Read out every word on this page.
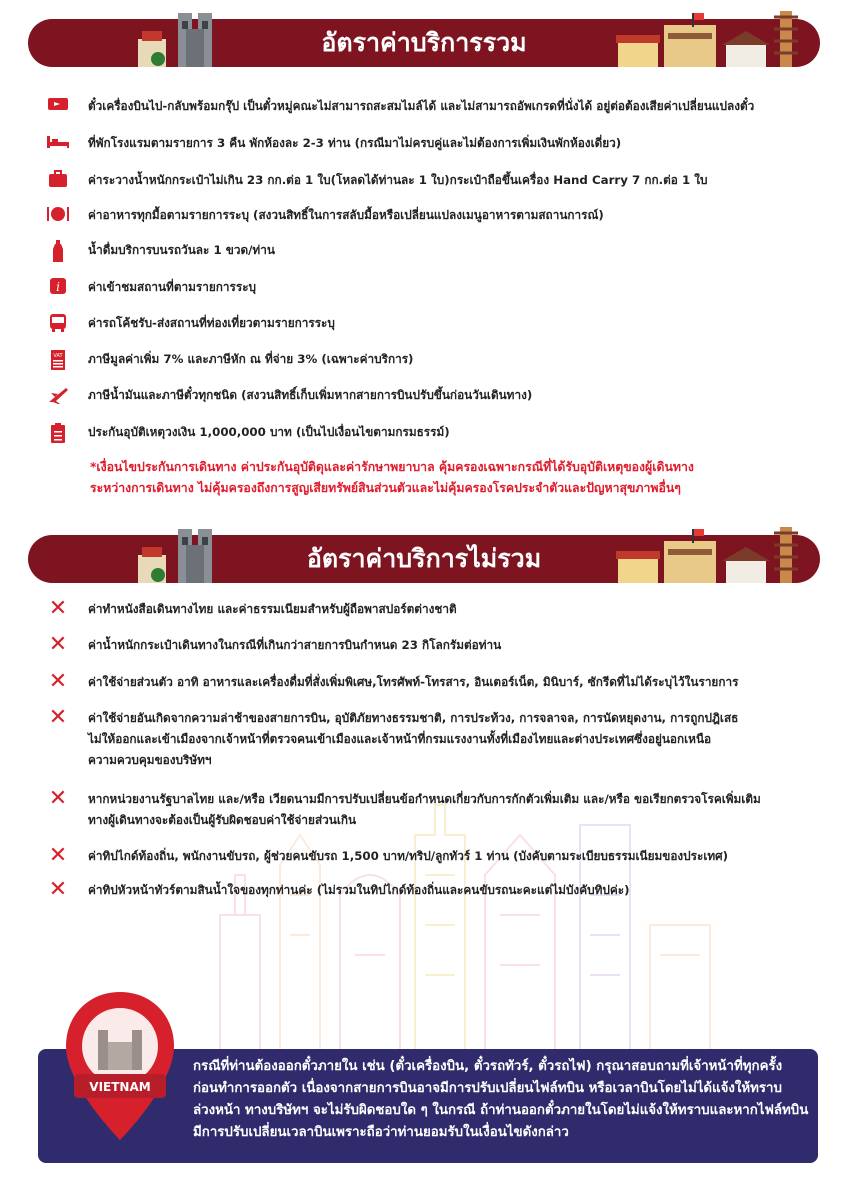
อัตราค่าบริการรวม
ตั๋วเครื่องบินไป-กลับพร้อมกรุ๊ป เป็นตั๋วหมู่คณะไม่สามารถสะสมไมล์ได้ และไม่สามารถอัพเกรดที่นั่งได้ อยู่ต่อต้องเสียค่าเปลี่ยนแปลงตั๋ว
ที่พักโรงแรมตามรายการ 3 คืน พักห้องละ 2-3 ท่าน (กรณีมาไม่ครบคู่และไม่ต้องการเพิ่มเงินพักห้องเดี่ยว)
ค่าระวางน้ำหนักกระเป๋าไม่เกิน 23 กก.ต่อ 1 ใบ(โหลดได้ท่านละ 1 ใบ)กระเป๋าถือขึ้นเครื่อง Hand Carry 7 กก.ต่อ 1 ใบ
ค่าอาหารทุกมื้อตามรายการระบุ (สงวนสิทธิ์ในการสลับมื้อหรือเปลี่ยนแปลงเมนูอาหารตามสถานการณ์)
น้ำดื่มบริการบนรถวันละ 1 ขวด/ท่าน
i ค่าเข้าชมสถานที่ตามรายการระบุ
ค่ารถโค้ชรับ-ส่งสถานที่ท่องเที่ยวตามรายการระบุ
VAT ภาษีมูลค่าเพิ่ม 7% และภาษีหัก ณ ที่จ่าย 3% (เฉพาะค่าบริการ)
ภาษีน้ำมันและภาษีตั๋วทุกชนิด (สงวนสิทธิ์เก็บเพิ่มหากสายการบินปรับขึ้นก่อนวันเดินทาง)
ประกันอุบัติเหตุวงเงิน 1,000,000 บาท (เป็นไปเงื่อนไขตามกรมธรรม์)
*เงื่อนไขประกันการเดินทาง ค่าประกันอุบัติดุและค่ารักษาพยาบาล คุ้มครองเฉพาะกรณีที่ได้รับอุบัติเหตุของผู้เดินทาง
ระหว่างการเดินทาง ไม่คุ้มครองถึงการสูญเสียทรัพย์สินส่วนตัวและไม่คุ้มครองโรคประจำตัวและปัญหาสุขภาพอื่นๆ
อัตราค่าบริการไม่รวม
✕ ค่าทำหนังสือเดินทางไทย และค่าธรรมเนียมสำหรับผู้ถือพาสปอร์ตต่างชาติ
✕ ค่าน้ำหนักกระเป๋าเดินทางในกรณีที่เกินกว่าสายการบินกำหนด 23 กิโลกรัมต่อท่าน
✕ ค่าใช้จ่ายส่วนตัว อาทิ อาหารและเครื่องดื่มที่สั่งเพิ่มพิเศษ,โทรศัพท์-โทรสาร, อินเตอร์เน็ต, มินิบาร์, ซักรีดที่ไม่ได้ระบุไว้ในรายการ
✕ ค่าใช้จ่ายอันเกิดจากความล่าช้าของสายการบิน, อุบัติภัยทางธรรมชาติ, การประท้วง, การจลาจล, การนัดหยุดงาน, การถูกปฎิเสธ
ไม่ให้ออกและเข้าเมืองจากเจ้าหน้าที่ตรวจคนเข้าเมืองและเจ้าหน้าที่กรมแรงงานทั้งที่เมืองไทยและต่างประเทศซึ่งอยู่นอกเหนือ
ความควบคุมของบริษัทฯ
✕ หากหน่วยงานรัฐบาลไทย และ/หรือ เวียดนามมีการปรับเปลี่ยนข้อกำหนดเกี่ยวกับการกักตัวเพิ่มเติม และ/หรือ ขอเรียกตรวจโรคเพิ่มเติม
ทางผู้เดินทางจะต้องเป็นผู้รับผิดชอบค่าใช้จ่ายส่วนเกิน
✕ ค่าทิปไกด์ท้องถิ่น, พนักงานขับรถ, ผู้ช่วยคนขับรถ 1,500 บาท/ทริป/ลูกทัวร์ 1 ท่าน (บังคับตามระเบียบธรรมเนียมของประเทศ)
✕ ค่าทิปหัวหน้าทัวร์ตามสินน้ำใจของทุกท่านค่ะ (ไม่รวมในทิปไกด์ท้องถิ่นและคนขับรถนะคะแต่ไม่บังคับทิปค่ะ)
VIETNAM
กรณีที่ท่านต้องออกตั๋วภายใน เช่น (ตั๋วเครื่องบิน, ตั๋วรถทัวร์, ตั๋วรถไฟ) กรุณาสอบถามที่เจ้าหน้าที่ทุกครั้ง
ก่อนทำการออกตัว เนื่องจากสายการบินอาจมีการปรับเปลี่ยนไฟล์ทบิน หรือเวลาบินโดยไม่ได้แจ้งให้ทราบ
ล่วงหน้า ทางบริษัทฯ จะไม่รับผิดชอบใด ๆ ในกรณี ถ้าท่านออกตั๋วภายในโดยไม่แจ้งให้ทราบและหากไฟล์ทบิน
มีการปรับเปลี่ยนเวลาบินเพราะถือว่าท่านยอมรับในเงื่อนไขดังกล่าว
